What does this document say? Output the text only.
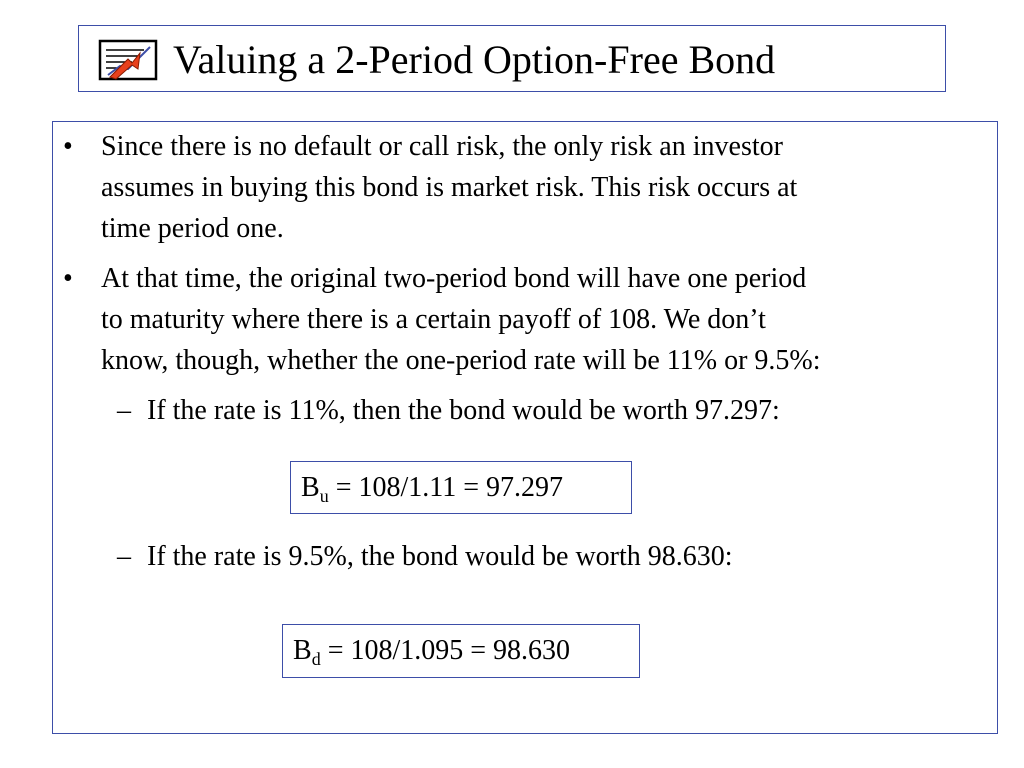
Valuing a 2-Period Option-Free Bond
• Since there is no default or call risk, the only risk an investor
assumes in buying this bond is market risk. This risk occurs at
time period one.
• At that time, the original two-period bond will have one period
to maturity where there is a certain payoff of 108. We don’t
know, though, whether the one-period rate will be 11% or 9.5%:
– If the rate is 11%, then the bond would be worth 97.297:
$B_u = 108/1.11 = 97.297$
– If the rate is 9.5%, the bond would be worth 98.630:
$B_d = 108/1.095 = 98.630$
